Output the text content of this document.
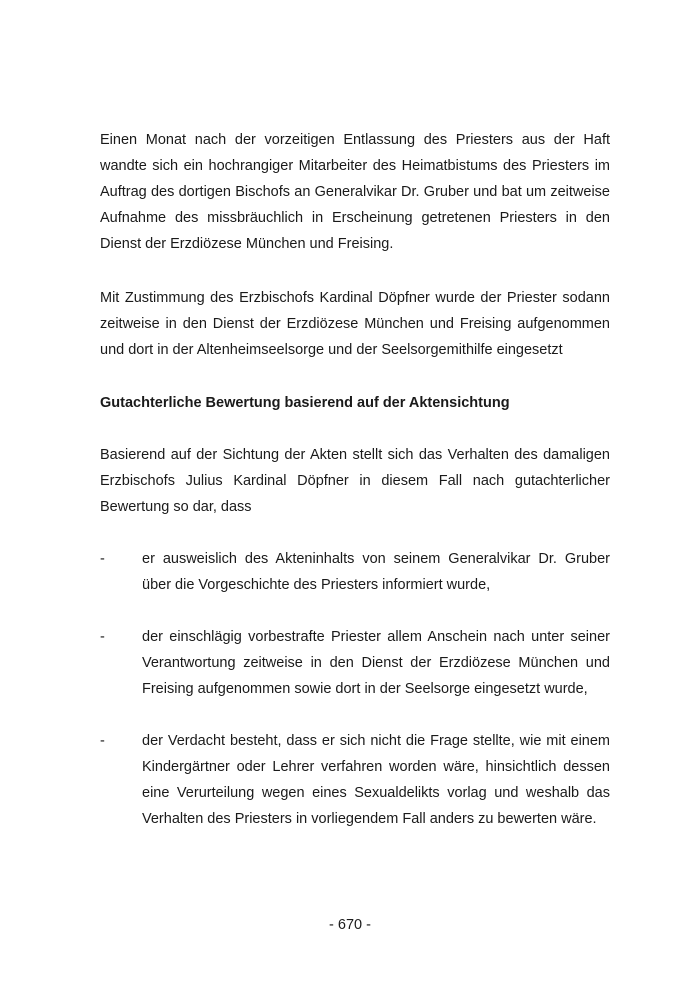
Einen Monat nach der vorzeitigen Entlassung des Priesters aus der Haft wandte sich ein hochrangiger Mitarbeiter des Heimatbistums des Priesters im Auftrag des dortigen Bischofs an Generalvikar Dr. Gruber und bat um zeitweise Aufnahme des missbräuchlich in Erscheinung getretenen Priesters in den Dienst der Erzdiözese München und Freising.

Mit Zustimmung des Erzbischofs Kardinal Döpfner wurde der Priester sodann zeitweise in den Dienst der Erzdiözese München und Freising aufgenommen und dort in der Altenheimseelsorge und der Seelsorgemithilfe eingesetzt

Gutachterliche Bewertung basierend auf der Aktensichtung

Basierend auf der Sichtung der Akten stellt sich das Verhalten des damaligen Erzbischofs Julius Kardinal Döpfner in diesem Fall nach gutachterlicher Bewertung so dar, dass

-	er ausweislich des Akteninhalts von seinem Generalvikar Dr. Gruber über die Vorgeschichte des Priesters informiert wurde,
-	der einschlägig vorbestrafte Priester allem Anschein nach unter seiner Verantwortung zeitweise in den Dienst der Erzdiözese München und Freising aufgenommen sowie dort in der Seelsorge eingesetzt wurde,
-	der Verdacht besteht, dass er sich nicht die Frage stellte, wie mit einem Kindergärtner oder Lehrer verfahren worden wäre, hinsichtlich dessen eine Verurteilung wegen eines Sexualdelikts vorlag und weshalb das Verhalten des Priesters in vorliegendem Fall anders zu bewerten wäre.
- 670 -
